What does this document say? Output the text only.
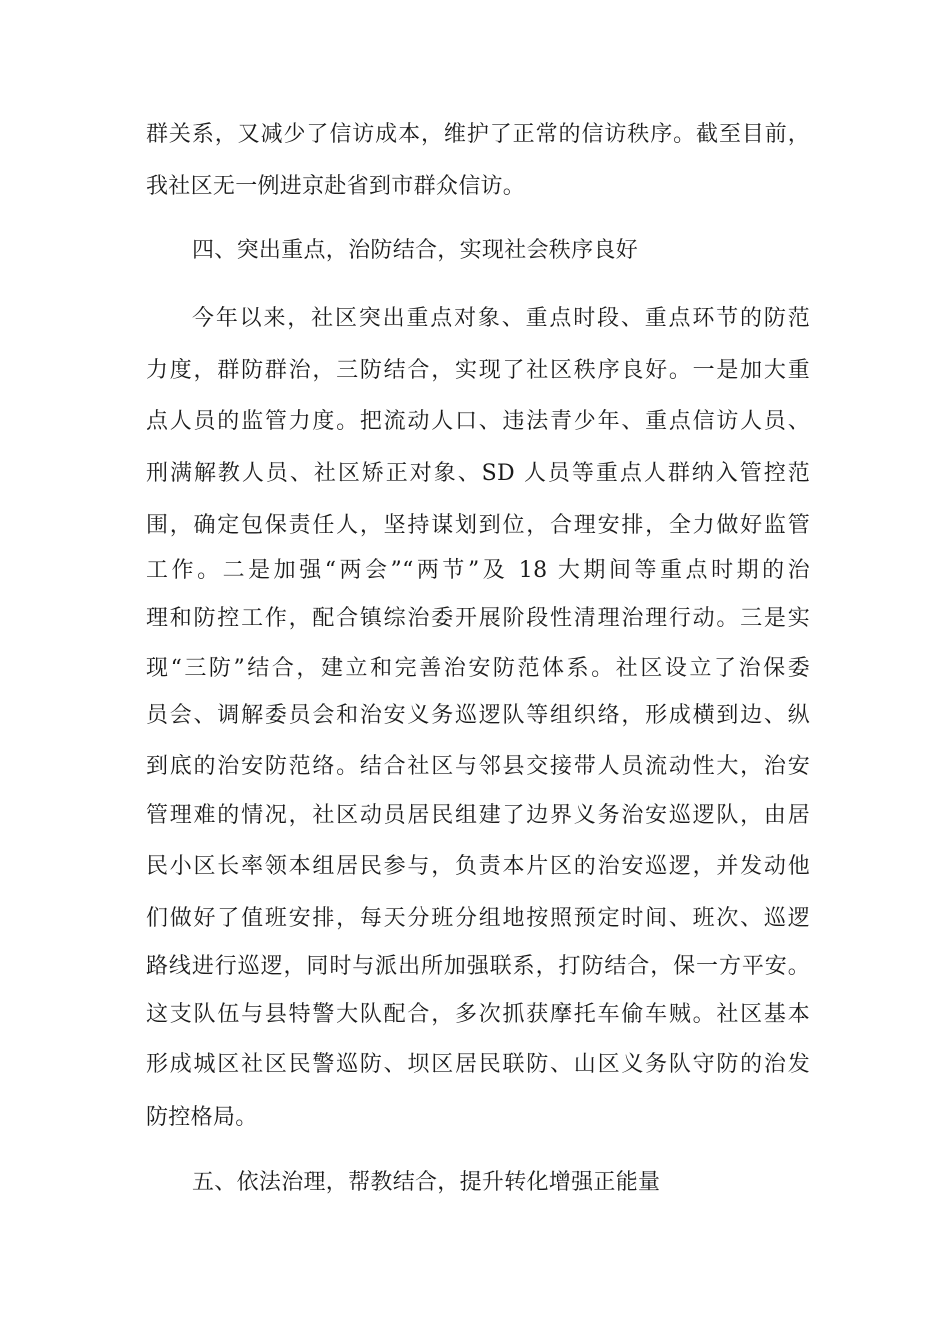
群关系，又减少了信访成本，维护了正常的信访秩序。截至目前，
我社区无一例进京赴省到市群众信访。
四、突出重点，治防结合，实现社会秩序良好
今年以来，社区突出重点对象、重点时段、重点环节的防范
力度，群防群治，三防结合，实现了社区秩序良好。一是加大重
点人员的监管力度。把流动人口、违法青少年、重点信访人员、
刑满解教人员、社区矫正对象、SD 人员等重点人群纳入管控范
围，确定包保责任人，坚持谋划到位，合理安排，全力做好监管
工作。二是加强“两会”“两节”及 18 大期间等重点时期的治
理和防控工作，配合镇综治委开展阶段性清理治理行动。三是实
现“三防”结合，建立和完善治安防范体系。社区设立了治保委
员会、调解委员会和治安义务巡逻队等组织络，形成横到边、纵
到底的治安防范络。结合社区与邻县交接带人员流动性大，治安
管理难的情况，社区动员居民组建了边界义务治安巡逻队，由居
民小区长率领本组居民参与，负责本片区的治安巡逻，并发动他
们做好了值班安排，每天分班分组地按照预定时间、班次、巡逻
路线进行巡逻，同时与派出所加强联系，打防结合，保一方平安。
这支队伍与县特警大队配合，多次抓获摩托车偷车贼。社区基本
形成城区社区民警巡防、坝区居民联防、山区义务队守防的治发
防控格局。
五、依法治理，帮教结合，提升转化增强正能量
